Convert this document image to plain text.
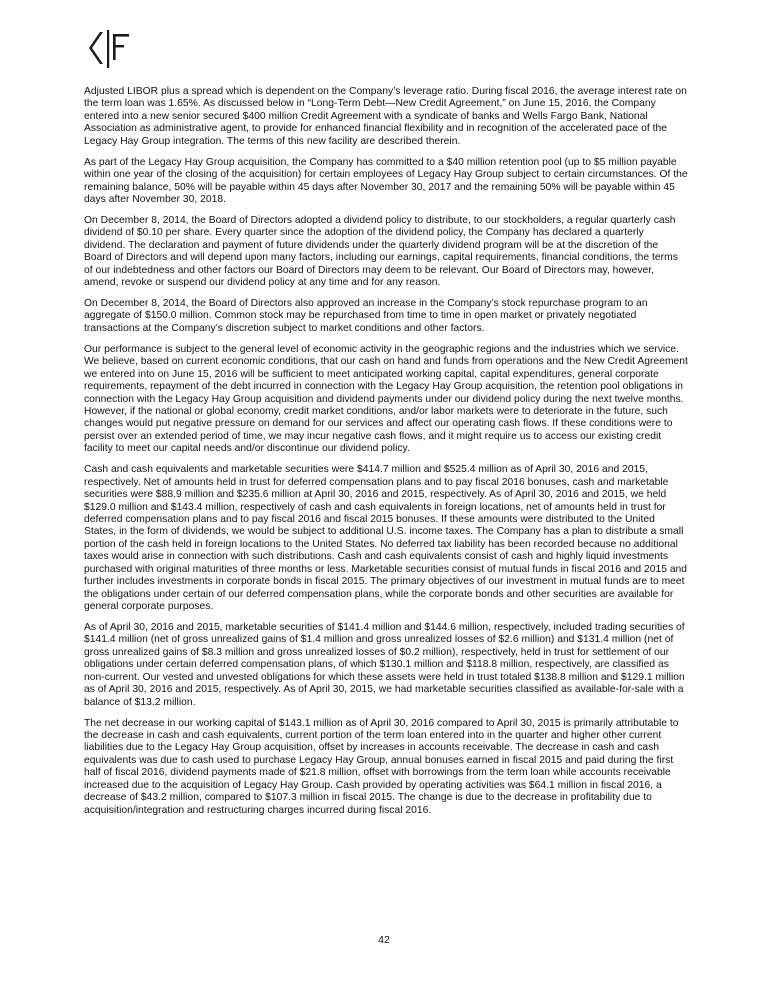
Adjusted LIBOR plus a spread which is dependent on the Company’s leverage ratio. During fiscal 2016, the average interest rate on the term loan was 1.65%. As discussed below in “Long-Term Debt—New Credit Agreement,” on June 15, 2016, the Company entered into a new senior secured $400 million Credit Agreement with a syndicate of banks and Wells Fargo Bank, National Association as administrative agent, to provide for enhanced financial flexibility and in recognition of the accelerated pace of the Legacy Hay Group integration. The terms of this new facility are described therein.

As part of the Legacy Hay Group acquisition, the Company has committed to a $40 million retention pool (up to $5 million payable within one year of the closing of the acquisition) for certain employees of Legacy Hay Group subject to certain circumstances. Of the remaining balance, 50% will be payable within 45 days after November 30, 2017 and the remaining 50% will be payable within 45 days after November 30, 2018.

On December 8, 2014, the Board of Directors adopted a dividend policy to distribute, to our stockholders, a regular quarterly cash dividend of $0.10 per share. Every quarter since the adoption of the dividend policy, the Company has declared a quarterly dividend. The declaration and payment of future dividends under the quarterly dividend program will be at the discretion of the Board of Directors and will depend upon many factors, including our earnings, capital requirements, financial conditions, the terms of our indebtedness and other factors our Board of Directors may deem to be relevant. Our Board of Directors may, however, amend, revoke or suspend our dividend policy at any time and for any reason.

On December 8, 2014, the Board of Directors also approved an increase in the Company’s stock repurchase program to an aggregate of $150.0 million. Common stock may be repurchased from time to time in open market or privately negotiated transactions at the Company’s discretion subject to market conditions and other factors.

Our performance is subject to the general level of economic activity in the geographic regions and the industries which we service. We believe, based on current economic conditions, that our cash on hand and funds from operations and the New Credit Agreement we entered into on June 15, 2016 will be sufficient to meet anticipated working capital, capital expenditures, general corporate requirements, repayment of the debt incurred in connection with the Legacy Hay Group acquisition, the retention pool obligations in connection with the Legacy Hay Group acquisition and dividend payments under our dividend policy during the next twelve months. However, if the national or global economy, credit market conditions, and/or labor markets were to deteriorate in the future, such changes would put negative pressure on demand for our services and affect our operating cash flows. If these conditions were to persist over an extended period of time, we may incur negative cash flows, and it might require us to access our existing credit facility to meet our capital needs and/or discontinue our dividend policy.

Cash and cash equivalents and marketable securities were $414.7 million and $525.4 million as of April 30, 2016 and 2015, respectively. Net of amounts held in trust for deferred compensation plans and to pay fiscal 2016 bonuses, cash and marketable securities were $88.9 million and $235.6 million at April 30, 2016 and 2015, respectively. As of April 30, 2016 and 2015, we held $129.0 million and $143.4 million, respectively of cash and cash equivalents in foreign locations, net of amounts held in trust for deferred compensation plans and to pay fiscal 2016 and fiscal 2015 bonuses. If these amounts were distributed to the United States, in the form of dividends, we would be subject to additional U.S. income taxes. The Company has a plan to distribute a small portion of the cash held in foreign locations to the United States. No deferred tax liability has been recorded because no additional taxes would arise in connection with such distributions. Cash and cash equivalents consist of cash and highly liquid investments purchased with original maturities of three months or less. Marketable securities consist of mutual funds in fiscal 2016 and 2015 and further includes investments in corporate bonds in fiscal 2015. The primary objectives of our investment in mutual funds are to meet the obligations under certain of our deferred compensation plans, while the corporate bonds and other securities are available for general corporate purposes.

As of April 30, 2016 and 2015, marketable securities of $141.4 million and $144.6 million, respectively, included trading securities of $141.4 million (net of gross unrealized gains of $1.4 million and gross unrealized losses of $2.6 million) and $131.4 million (net of gross unrealized gains of $8.3 million and gross unrealized losses of $0.2 million), respectively, held in trust for settlement of our obligations under certain deferred compensation plans, of which $130.1 million and $118.8 million, respectively, are classified as non-current. Our vested and unvested obligations for which these assets were held in trust totaled $138.8 million and $129.1 million as of April 30, 2016 and 2015, respectively. As of April 30, 2015, we had marketable securities classified as available-for-sale with a balance of $13.2 million.

The net decrease in our working capital of $143.1 million as of April 30, 2016 compared to April 30, 2015 is primarily attributable to the decrease in cash and cash equivalents, current portion of the term loan entered into in the quarter and higher other current liabilities due to the Legacy Hay Group acquisition, offset by increases in accounts receivable. The decrease in cash and cash equivalents was due to cash used to purchase Legacy Hay Group, annual bonuses earned in fiscal 2015 and paid during the first half of fiscal 2016, dividend payments made of $21.8 million, offset with borrowings from the term loan while accounts receivable increased due to the acquisition of Legacy Hay Group. Cash provided by operating activities was $64.1 million in fiscal 2016, a decrease of $43.2 million, compared to $107.3 million in fiscal 2015. The change is due to the decrease in profitability due to acquisition/integration and restructuring charges incurred during fiscal 2016.

42
